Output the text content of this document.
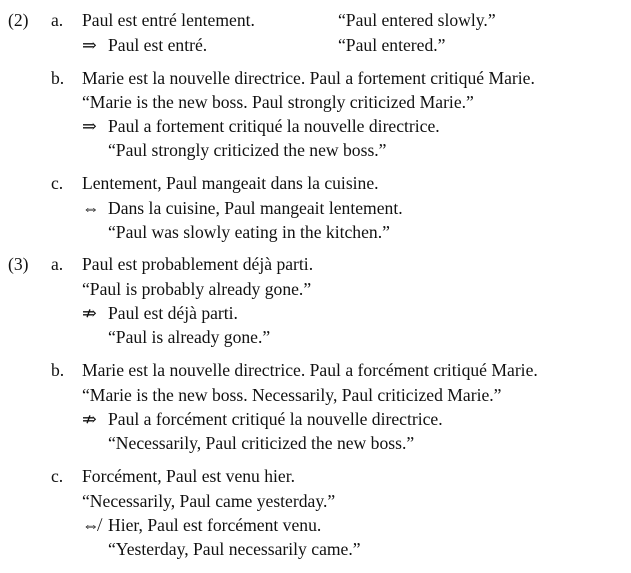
(2) a. Paul est entré lentement.	“Paul entered slowly.”
⇒ Paul est entré.	“Paul entered.”
b. Marie est la nouvelle directrice. Paul a fortement critiqué Marie.
“Marie is the new boss. Paul strongly criticized Marie.”
⇒ Paul a fortement critiqué la nouvelle directrice.
“Paul strongly criticized the new boss.”
c. Lentement, Paul mangeait dans la cuisine.
⇔ Dans la cuisine, Paul mangeait lentement.
“Paul was slowly eating in the kitchen.”
(3) a. Paul est probablement déjà parti.
“Paul is probably already gone.”
⇏ Paul est déjà parti.
“Paul is already gone.”
b. Marie est la nouvelle directrice. Paul a forcément critiqué Marie.
“Marie is the new boss. Necessarily, Paul criticized Marie.”
⇏ Paul a forcément critiqué la nouvelle directrice.
“Necessarily, Paul criticized the new boss.”
c. Forcément, Paul est venu hier.
“Necessarily, Paul came yesterday.”
⇎ Hier, Paul est forcément venu.
“Yesterday, Paul necessarily came.”
